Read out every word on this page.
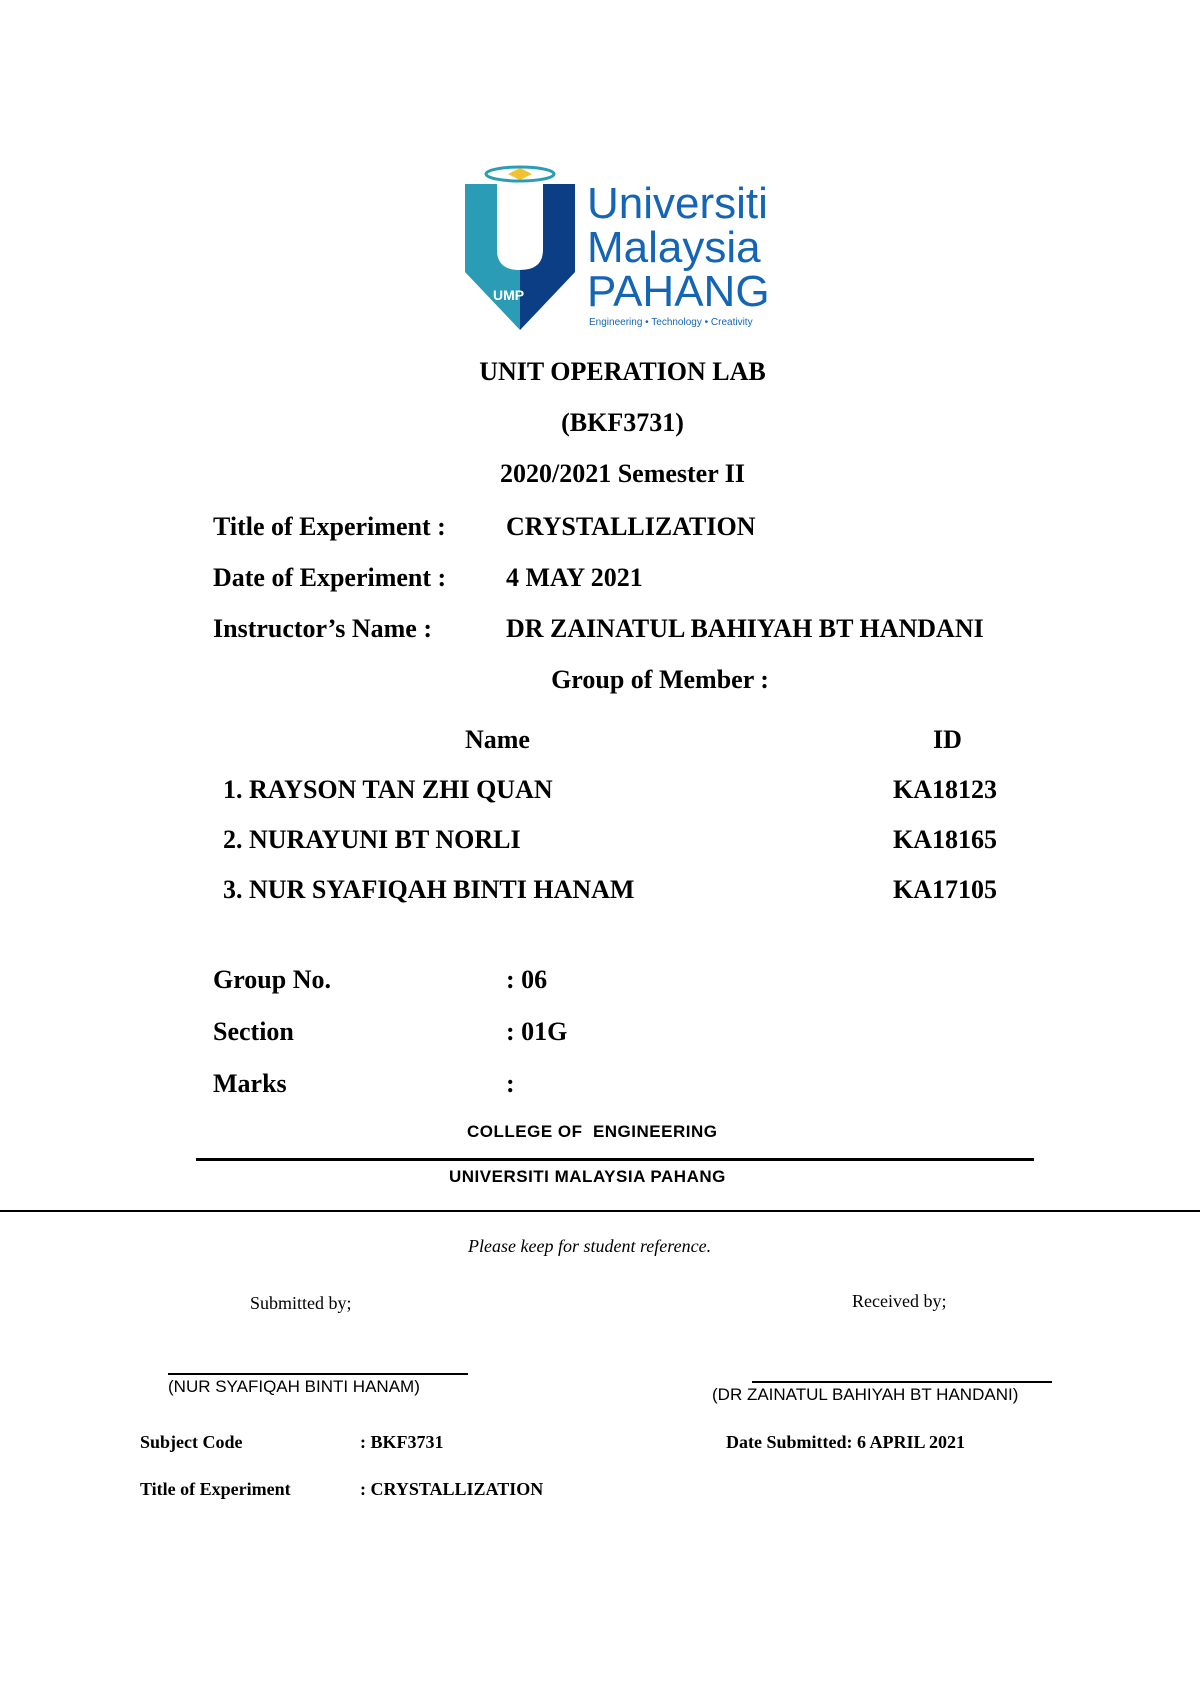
UMP
Universiti
Malaysia
PAHANG
Engineering • Technology • Creativity
UNIT OPERATION LAB
(BKF3731)
2020/2021 Semester II
Title of Experiment : CRYSTALLIZATION
Date of Experiment : 4 MAY 2021
Instructor’s Name :	DR ZAINATUL BAHIYAH BT HANDANI
Group of Member :
Name	ID
1. RAYSON TAN ZHI QUAN	KA18123
2. NURAYUNI BT NORLI	KA18165
3. NUR SYAFIQAH BINTI HANAM	KA17105
Group No.	: 06
Section	: 01G
Marks	:
COLLEGE OF  ENGINEERING
UNIVERSITI MALAYSIA PAHANG
Please keep for student reference.
Submitted by;	Received by;
(NUR SYAFIQAH BINTI HANAM)	(DR ZAINATUL BAHIYAH BT HANDANI)
Subject Code	: BKF3731	Date Submitted: 6 APRIL 2021
Title of Experiment	: CRYSTALLIZATION
